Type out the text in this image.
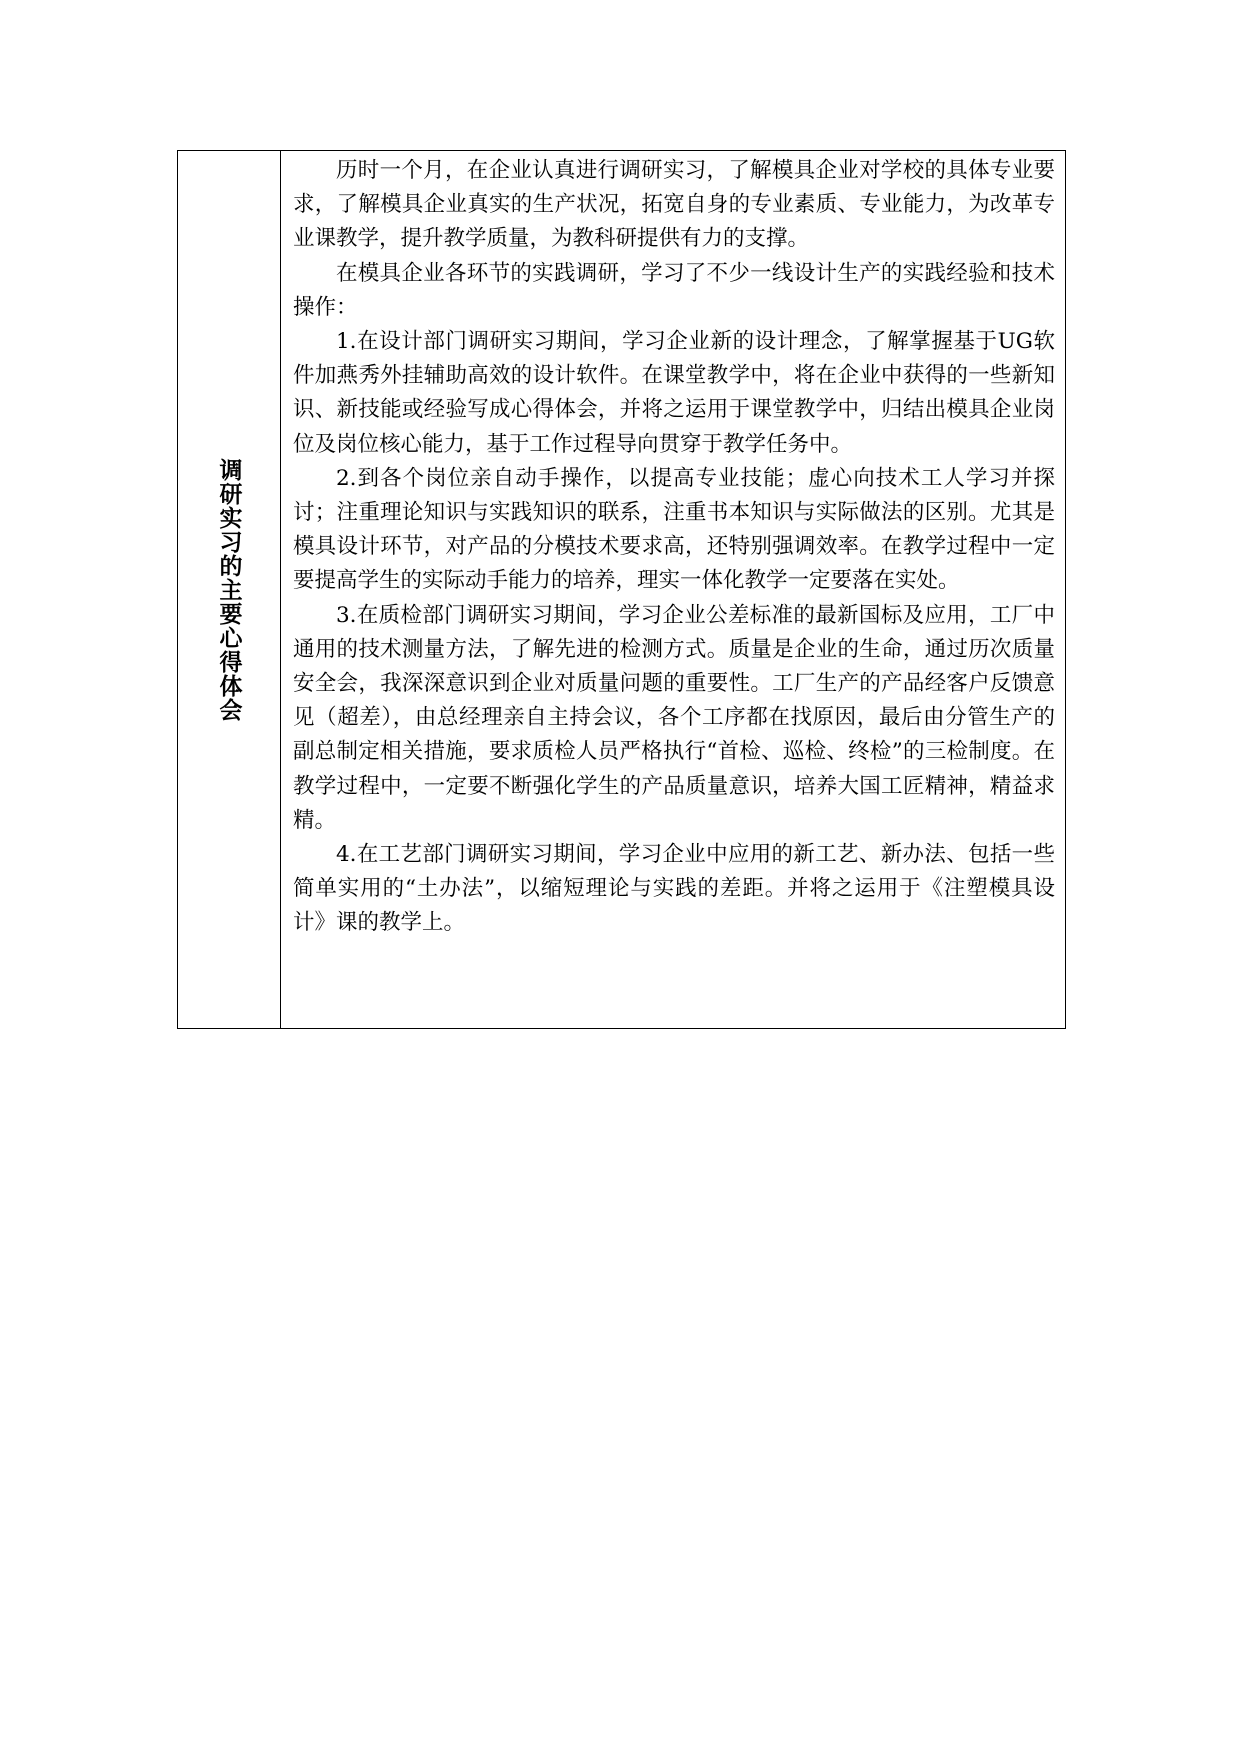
调研实习的主要心得体会

历时一个月，在企业认真进行调研实习，了解模具企业对学校的具体专业要求，了解模具企业真实的生产状况，拓宽自身的专业素质、专业能力，为改革专业课教学，提升教学质量，为教科研提供有力的支撑。

在模具企业各环节的实践调研，学习了不少一线设计生产的实践经验和技术操作：

1.在设计部门调研实习期间，学习企业新的设计理念，了解掌握基于UG软件加燕秀外挂辅助高效的设计软件。在课堂教学中，将在企业中获得的一些新知识、新技能或经验写成心得体会，并将之运用于课堂教学中，归结出模具企业岗位及岗位核心能力，基于工作过程导向贯穿于教学任务中。

2.到各个岗位亲自动手操作，以提高专业技能；虚心向技术工人学习并探讨；注重理论知识与实践知识的联系，注重书本知识与实际做法的区别。尤其是模具设计环节，对产品的分模技术要求高，还特别强调效率。在教学过程中一定要提高学生的实际动手能力的培养，理实一体化教学一定要落在实处。

3.在质检部门调研实习期间，学习企业公差标准的最新国标及应用，工厂中通用的技术测量方法，了解先进的检测方式。质量是企业的生命，通过历次质量安全会，我深深意识到企业对质量问题的重要性。工厂生产的产品经客户反馈意见（超差），由总经理亲自主持会议，各个工序都在找原因，最后由分管生产的副总制定相关措施，要求质检人员严格执行“首检、巡检、终检”的三检制度。在教学过程中，一定要不断强化学生的产品质量意识，培养大国工匠精神，精益求精。

4.在工艺部门调研实习期间，学习企业中应用的新工艺、新办法、包括一些简单实用的“土办法”，以缩短理论与实践的差距。并将之运用于《注塑模具设计》课的教学上。
